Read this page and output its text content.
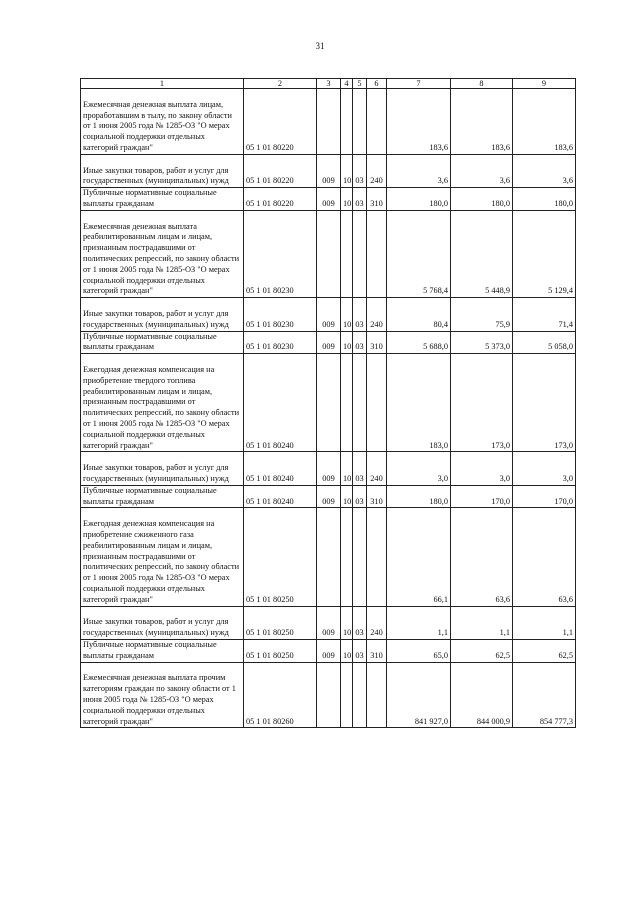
31
1	2	3	4	5	6	7	8	9
Ежемесячная денежная выплата лицам, проработавшим в тылу, по закону области от 1 июня 2005 года № 1285-ОЗ "О мерах социальной поддержки отдельных категорий граждан"	05 1 01 80220					183,6	183,6	183,6
Иные закупки товаров, работ и услуг для государственных (муниципальных) нужд	05 1 01 80220	009	10	03	240	3,6	3,6	3,6
Публичные нормативные социальные выплаты гражданам	05 1 01 80220	009	10	03	310	180,0	180,0	180,0
Ежемесячная денежная выплата реабилитированным лицам и лицам, признанным пострадавшими от политических репрессий, по закону области от 1 июня 2005 года № 1285-ОЗ "О мерах социальной поддержки отдельных категорий граждан"	05 1 01 80230					5 768,4	5 448,9	5 129,4
Иные закупки товаров, работ и услуг для государственных (муниципальных) нужд	05 1 01 80230	009	10	03	240	80,4	75,9	71,4
Публичные нормативные социальные выплаты гражданам	05 1 01 80230	009	10	03	310	5 688,0	5 373,0	5 058,0
Ежегодная денежная компенсация на приобретение твердого топлива реабилитированным лицам и лицам, признанным пострадавшими от политических репрессий, по закону области от 1 июня 2005 года № 1285-ОЗ "О мерах социальной поддержки отдельных категорий граждан"	05 1 01 80240					183,0	173,0	173,0
Иные закупки товаров, работ и услуг для государственных (муниципальных) нужд	05 1 01 80240	009	10	03	240	3,0	3,0	3,0
Публичные нормативные социальные выплаты гражданам	05 1 01 80240	009	10	03	310	180,0	170,0	170,0
Ежегодная денежная компенсация на приобретение сжиженного газа реабилитированным лицам и лицам, признанным пострадавшими от политических репрессий, по закону области от 1 июня 2005 года № 1285-ОЗ "О мерах социальной поддержки отдельных категорий граждан"	05 1 01 80250					66,1	63,6	63,6
Иные закупки товаров, работ и услуг для государственных (муниципальных) нужд	05 1 01 80250	009	10	03	240	1,1	1,1	1,1
Публичные нормативные социальные выплаты гражданам	05 1 01 80250	009	10	03	310	65,0	62,5	62,5
Ежемесячная денежная выплата прочим категориям граждан по закону области от 1 июня 2005 года № 1285-ОЗ "О мерах социальной поддержки отдельных категорий граждан"	05 1 01 80260					841 927,0	844 000,9	854 777,3
